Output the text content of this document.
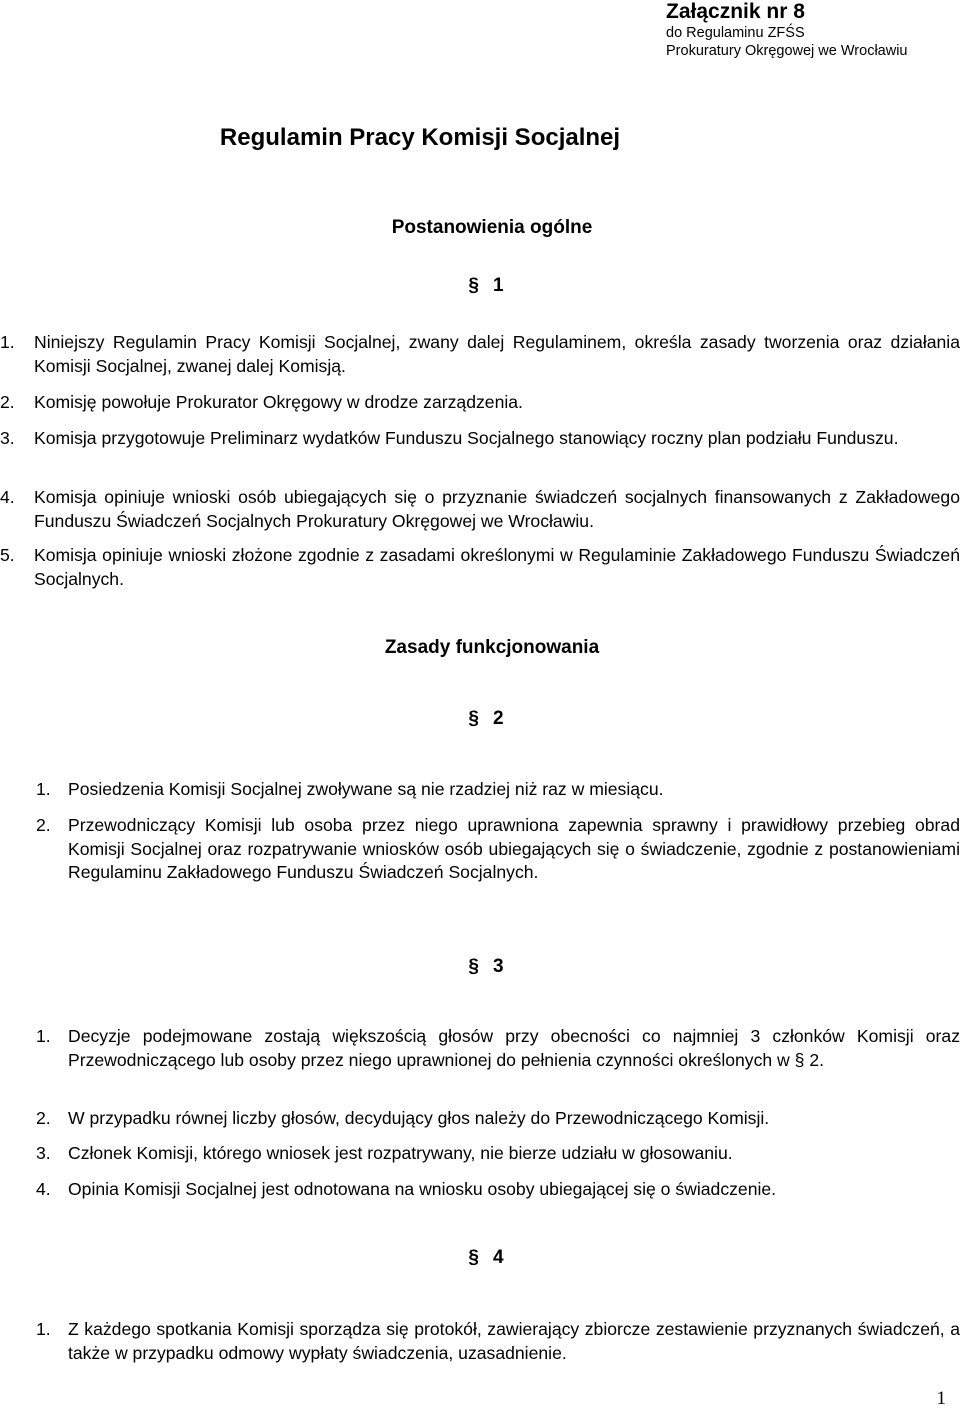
Załącznik nr 8
do Regulaminu ZFŚS
Prokuratury Okręgowej we Wrocławiu
Regulamin Pracy Komisji Socjalnej
Postanowienia ogólne
§ 1
1.	Niniejszy Regulamin Pracy Komisji Socjalnej, zwany dalej Regulaminem, określa zasady tworzenia oraz działania Komisji Socjalnej, zwanej dalej Komisją.
2.	Komisję powołuje Prokurator Okręgowy w drodze zarządzenia.
3.	Komisja przygotowuje Preliminarz wydatków Funduszu Socjalnego stanowiący roczny plan podziału Funduszu.
4.	Komisja opiniuje wnioski osób ubiegających się o przyznanie świadczeń socjalnych finansowanych z Zakładowego Funduszu Świadczeń Socjalnych Prokuratury Okręgowej we Wrocławiu.
5.	Komisja opiniuje wnioski złożone zgodnie z zasadami określonymi w Regulaminie Zakładowego Funduszu Świadczeń Socjalnych.
Zasady funkcjonowania
§ 2
1. Posiedzenia Komisji Socjalnej zwoływane są nie rzadziej niż raz w miesiącu.
2. Przewodniczący Komisji lub osoba przez niego uprawniona zapewnia sprawny i prawidłowy przebieg obrad Komisji Socjalnej oraz rozpatrywanie wniosków osób ubiegających się o świadczenie, zgodnie z postanowieniami Regulaminu Zakładowego Funduszu Świadczeń Socjalnych.
§ 3
1. Decyzje podejmowane zostają większością głosów przy obecności co najmniej 3 członków Komisji oraz Przewodniczącego lub osoby przez niego uprawnionej do pełnienia czynności określonych w § 2.
2. W przypadku równej liczby głosów, decydujący głos należy do Przewodniczącego Komisji.
3. Członek Komisji, którego wniosek jest rozpatrywany, nie bierze udziału w głosowaniu.
4. Opinia Komisji Socjalnej jest odnotowana na wniosku osoby ubiegającej się o świadczenie.
§ 4
1. Z każdego spotkania Komisji sporządza się protokół, zawierający zbiorcze zestawienie przyznanych świadczeń, a także w przypadku odmowy wypłaty świadczenia, uzasadnienie.
1
